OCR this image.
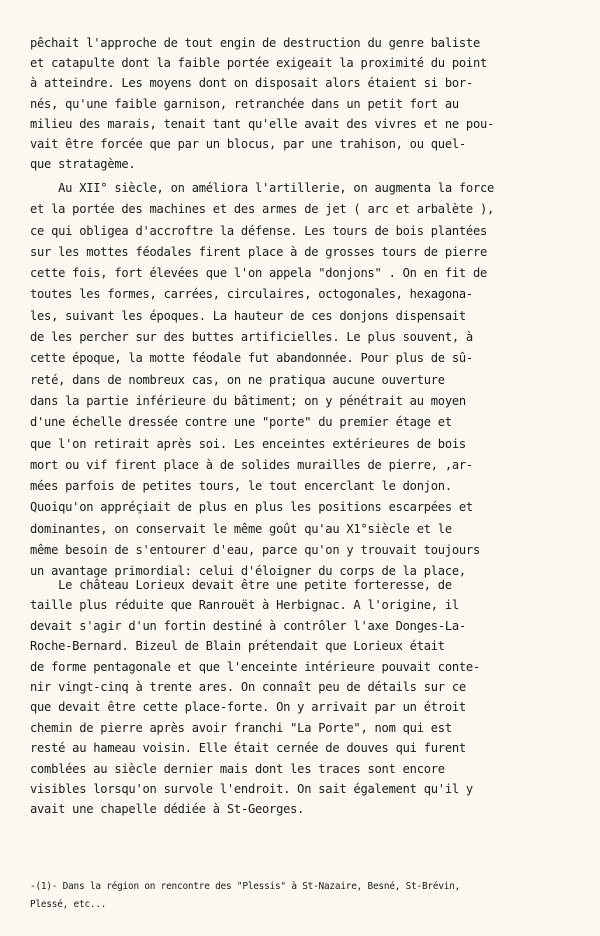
pêchait l'approche de tout engin de destruction du genre baliste
et catapulte dont la faible portée exigeait la proximité du point
à atteindre. Les moyens dont on disposait alors étaient si bor-
nés, qu'une faible garnison, retranchée dans un petit fort au
milieu des marais, tenait tant qu'elle avait des vivres et ne pou-
vait être forcée que par un blocus, par une trahison, ou quel-
que stratagème.
Au XII° siècle, on améliora l'artillerie, on augmenta la force
et la portée des machines et des armes de jet ( arc et arbalète ),
ce qui obligea d'accroftre la défense. Les tours de bois plantées
sur les mottes féodales firent place à de grosses tours de pierre
cette fois, fort élevées que l'on appela "donjons" . On en fit de
toutes les formes, carrées, circulaires, octogonales, hexagona-
les, suivant les époques. La hauteur de ces donjons dispensait
de les percher sur des buttes artificielles. Le plus souvent, à
cette époque, la motte féodale fut abandonnée. Pour plus de sû-
reté, dans de nombreux cas, on ne pratiqua aucune ouverture
dans la partie inférieure du bâtiment; on y pénétrait au moyen
d'une échelle dressée contre une "porte" du premier étage et
que l'on retirait après soi. Les enceintes extérieures de bois
mort ou vif firent place à de solides murailles de pierre, ,ar-
mées parfois de petites tours, le tout encerclant le donjon.
Quoiqu'on appréçiait de plus en plus les positions escarpées et
dominantes, on conservait le même goût qu'au X1°siècle et le
même besoin de s'entourer d'eau, parce qu'on y trouvait toujours
un avantage primordial: celui d'éloigner du corps de la place,
Le château Lorieux devait être une petite forteresse, de
taille plus réduite que Ranrouët à Herbignac. A l'origine, il
devait s'agir d'un fortin destiné à contrôler l'axe Donges-La-
Roche-Bernard. Bizeul de Blain prétendait que Lorieux était
de forme pentagonale et que l'enceinte intérieure pouvait conte-
nir vingt-cinq à trente ares. On connaît peu de détails sur ce
que devait être cette place-forte. On y arrivait par un étroit
chemin de pierre après avoir franchi "La Porte", nom qui est
resté au hameau voisin. Elle était cernée de douves qui furent
comblées au siècle dernier mais dont les traces sont encore
visibles lorsqu'on survole l'endroit. On sait également qu'il y
avait une chapelle dédiée à St-Georges.
-(1)- Dans la région on rencontre des "Plessis" à St-Nazaire, Besné, St-Brévin,
Plessé, etc...
